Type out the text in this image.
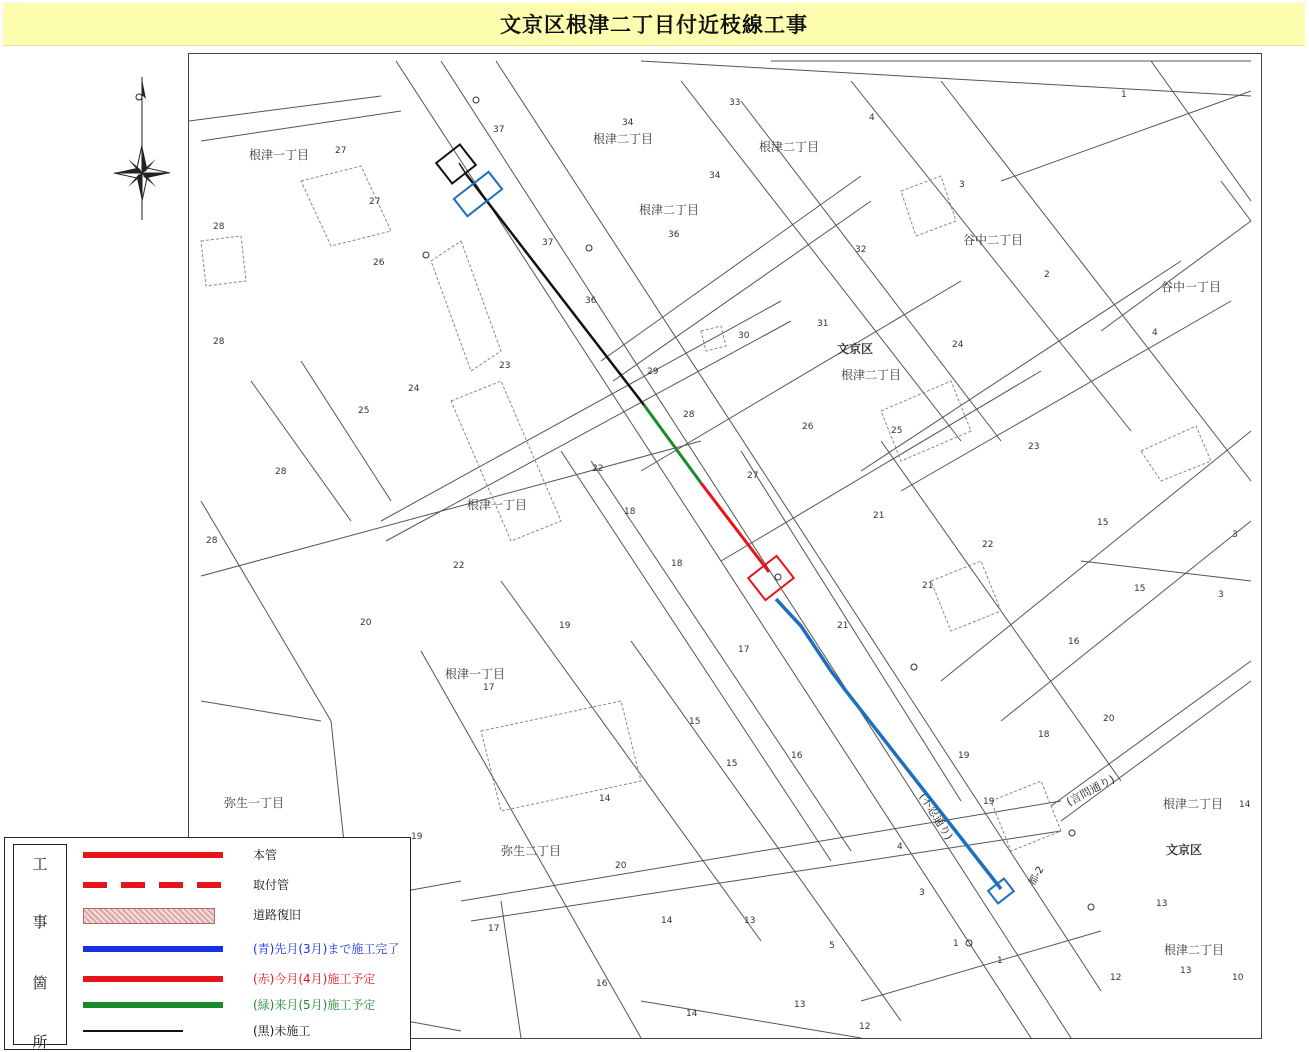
文京区根津二丁目付近枝線工事
根津一丁目
根津二丁目
根津二丁目
根津二丁目
根津二丁目
谷中二丁目
谷中一丁目
文京区
根津二丁目
根津一丁目
根津一丁目
弥生一丁目
弥生二丁目
根津二丁目
文京区
37
34
33
4
1
27
27
36
34
3
28
26
37
32
2
36
4
28
23
30
31
24
25
24
29
28
26	25
23
28	22
27
21
15
3
18
22
28
22	18
21	15
3
21
19
20
17
16
17
19
18
20
15
15
16
19
14
19
20
4
3
13
17
14	13
5	1
1
12
16
14
13
12
13
10
14
(言問通り)
(不忍通り)
都-2
工
事
箇
所
本管
取付管
道路復旧
(青)先月(3月)まで施工完了
(赤)今月(4月)施工予定
(緑)来月(5月)施工予定
(黒)未施工
